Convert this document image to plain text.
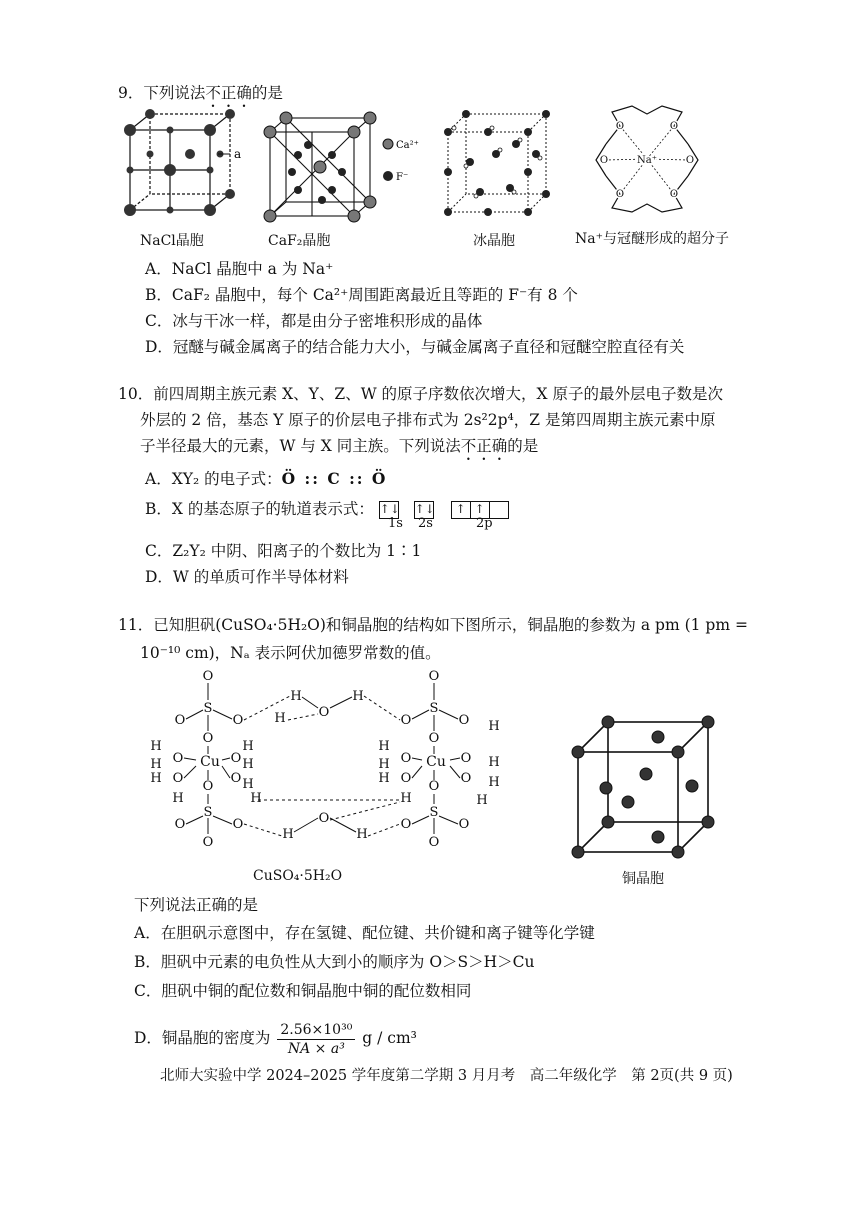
9．下列说法不正确的是
a
Ca²⁺
F⁻
O	O
O	O
O	O
Na⁺
NaCl晶胞	CaF₂晶胞	冰晶胞	Na⁺与冠醚形成的超分子
A．NaCl 晶胞中 a 为 Na⁺
B．CaF₂ 晶胞中，每个 Ca²⁺周围距离最近且等距的 F⁻有 8 个
C．冰与干冰一样，都是由分子密堆积形成的晶体
D．冠醚与碱金属离子的结合能力大小，与碱金属离子直径和冠醚空腔直径有关
10．前四周期主族元素 X、Y、Z、W 的原子序数依次增大，X 原子的最外层电子数是次
外层的 2 倍，基态 Y 原子的价层电子排布式为 2s²2p⁴，Z 是第四周期主族元素中原
子半径最大的元素，W 与 X 同主族。下列说法不正确的是
A．XY₂ 的电子式：Ö :: C :: Ö
B．X 的基态原子的轨道表示式： ↑↓ ↑↓	↑ ↑
1s 2s	2p
C．Z₂Y₂ 中阴、阳离子的个数比为 1∶1
D．W 的单质可作半导体材料
11．已知胆矾(CuSO₄·5H₂O)和铜晶胞的结构如下图所示，铜晶胞的参数为 a pm (1 pm =
10⁻¹⁰ cm)，Nₐ 表示阿伏加德罗常数的值。
O
S
O	O
O
Cu
H
H O
H O
H
O
H
H
O H
H
O
S
O	O
O
H
O
H
H
O
H	H
H
O
S
O	O
O
Cu
H
H O
H O
O
H
H
O H
H
O
S
O	O
O
CuSO₄·5H₂O	铜晶胞
下列说法正确的是
A．在胆矾示意图中，存在氢键、配位键、共价键和离子键等化学键
B．胆矾中元素的电负性从大到小的顺序为 O＞S＞H＞Cu
C．胆矾中铜的配位数和铜晶胞中铜的配位数相同
D．铜晶胞的密度为 $\frac{\text{2.56×10³⁰}}{\text{NA × a³}}$ g / cm³
北师大实验中学 2024–2025 学年度第二学期 3 月月考　高二年级化学　第 2页(共 9 页)
